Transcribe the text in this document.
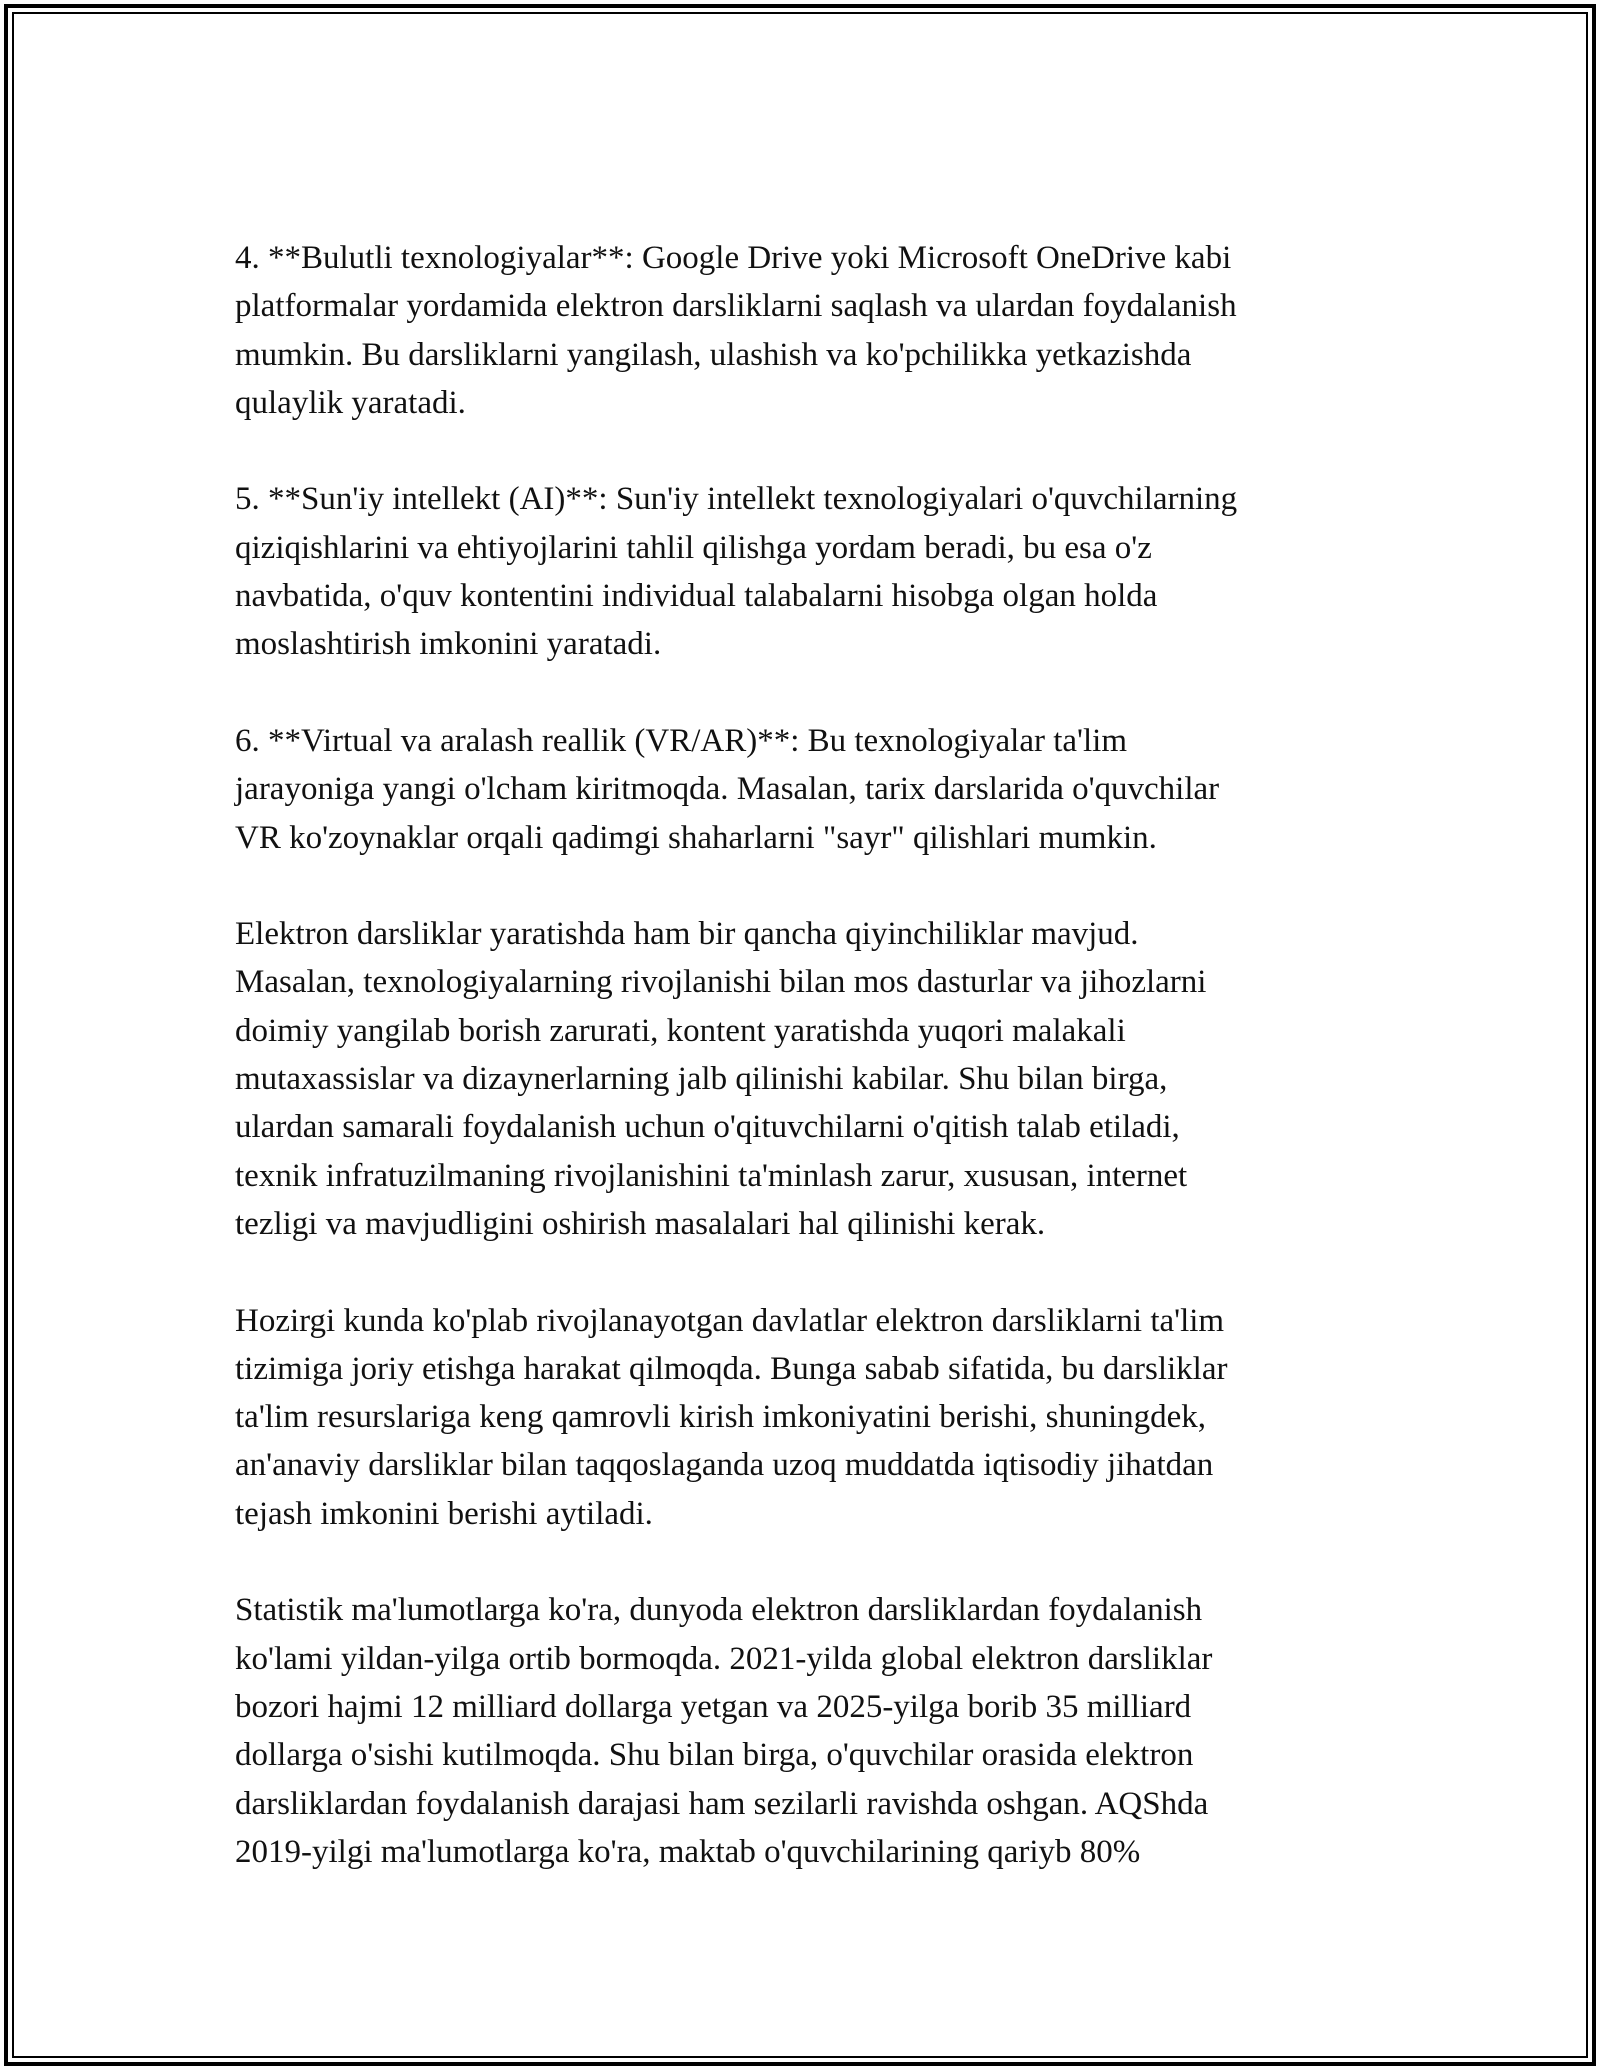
4. **Bulutli texnologiyalar**: Google Drive yoki Microsoft OneDrive kabi
platformalar yordamida elektron darsliklarni saqlash va ulardan foydalanish
mumkin. Bu darsliklarni yangilash, ulashish va ko'pchilikka yetkazishda
qulaylik yaratadi.

5. **Sun'iy intellekt (AI)**: Sun'iy intellekt texnologiyalari o'quvchilarning
qiziqishlarini va ehtiyojlarini tahlil qilishga yordam beradi, bu esa o'z
navbatida, o'quv kontentini individual talabalarni hisobga olgan holda
moslashtirish imkonini yaratadi.

6. **Virtual va aralash reallik (VR/AR)**: Bu texnologiyalar ta'lim
jarayoniga yangi o'lcham kiritmoqda. Masalan, tarix darslarida o'quvchilar
VR ko'zoynaklar orqali qadimgi shaharlarni "sayr" qilishlari mumkin.

Elektron darsliklar yaratishda ham bir qancha qiyinchiliklar mavjud.
Masalan, texnologiyalarning rivojlanishi bilan mos dasturlar va jihozlarni
doimiy yangilab borish zarurati, kontent yaratishda yuqori malakali
mutaxassislar va dizaynerlarning jalb qilinishi kabilar. Shu bilan birga,
ulardan samarali foydalanish uchun o'qituvchilarni o'qitish talab etiladi,
texnik infratuzilmaning rivojlanishini ta'minlash zarur, xususan, internet
tezligi va mavjudligini oshirish masalalari hal qilinishi kerak.

Hozirgi kunda ko'plab rivojlanayotgan davlatlar elektron darsliklarni ta'lim
tizimiga joriy etishga harakat qilmoqda. Bunga sabab sifatida, bu darsliklar
ta'lim resurslariga keng qamrovli kirish imkoniyatini berishi, shuningdek,
an'anaviy darsliklar bilan taqqoslaganda uzoq muddatda iqtisodiy jihatdan
tejash imkonini berishi aytiladi.

Statistik ma'lumotlarga ko'ra, dunyoda elektron darsliklardan foydalanish
ko'lami yildan-yilga ortib bormoqda. 2021-yilda global elektron darsliklar
bozori hajmi 12 milliard dollarga yetgan va 2025-yilga borib 35 milliard
dollarga o'sishi kutilmoqda. Shu bilan birga, o'quvchilar orasida elektron
darsliklardan foydalanish darajasi ham sezilarli ravishda oshgan. AQShda
2019-yilgi ma'lumotlarga ko'ra, maktab o'quvchilarining qariyb 80%
